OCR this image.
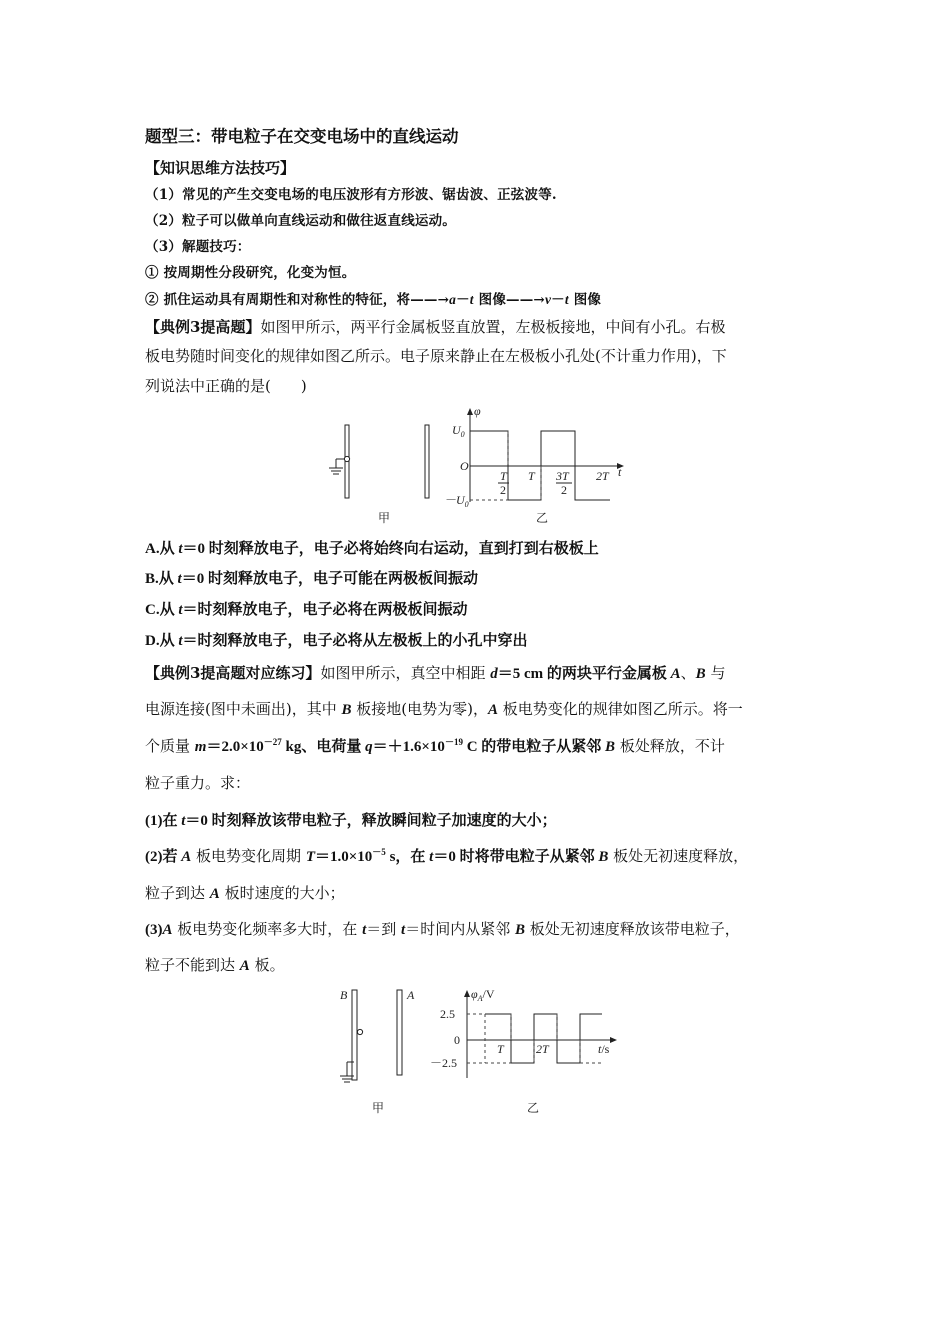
题型三：带电粒子在交变电场中的直线运动
【知识思维方法技巧】
（1）常见的产生交变电场的电压波形有方形波、锯齿波、正弦波等.
（2）粒子可以做单向直线运动和做往返直线运动。
（3）解题技巧：
① 按周期性分段研究，化变为恒。
② 抓住运动具有周期性和对称性的特征，将——→a－t 图像——→v－t 图像
【典例3提高题】如图甲所示，两平行金属板竖直放置，左极板接地，中间有小孔。右极
板电势随时间变化的规律如图乙所示。电子原来静止在左极板小孔处(不计重力作用)，下
列说法中正确的是(　　)
甲
φ
$U_0$
O
$-U_0$
T
2
T 3T
2
2T t
乙
A.从 t＝0 时刻释放电子，电子必将始终向右运动，直到打到右极板上
B.从 t＝0 时刻释放电子，电子可能在两极板间振动
C.从 t＝时刻释放电子，电子必将在两极板间振动
D.从 t＝时刻释放电子，电子必将从左极板上的小孔中穿出
【典例3提高题对应练习】如图甲所示，真空中相距 d＝5 cm 的两块平行金属板 A、B 与
电源连接(图中未画出)，其中 B 板接地(电势为零)，A 板电势变化的规律如图乙所示。将一
个质量 $m=2.0\times 10^{-27}$ kg、电荷量 $q=+1.6\times 10^{-19}$ C 的带电粒子从紧邻 B 板处释放，不计
粒子重力。求：
(1)在 t＝0 时刻释放该带电粒子，释放瞬间粒子加速度的大小；
(2)若 A 板电势变化周期 $T=1.0\times 10^{-5}$ s，在 t＝0 时将带电粒子从紧邻 B 板处无初速度释放，
粒子到达 A 板时速度的大小；
(3)A 板电势变化频率多大时，在 t＝到 t＝时间内从紧邻 B 板处无初速度释放该带电粒子，
粒子不能到达 A 板。
B	A
甲
$\varphi_A/V$
2.5
0
－2.5
T	2T	t/s
乙
